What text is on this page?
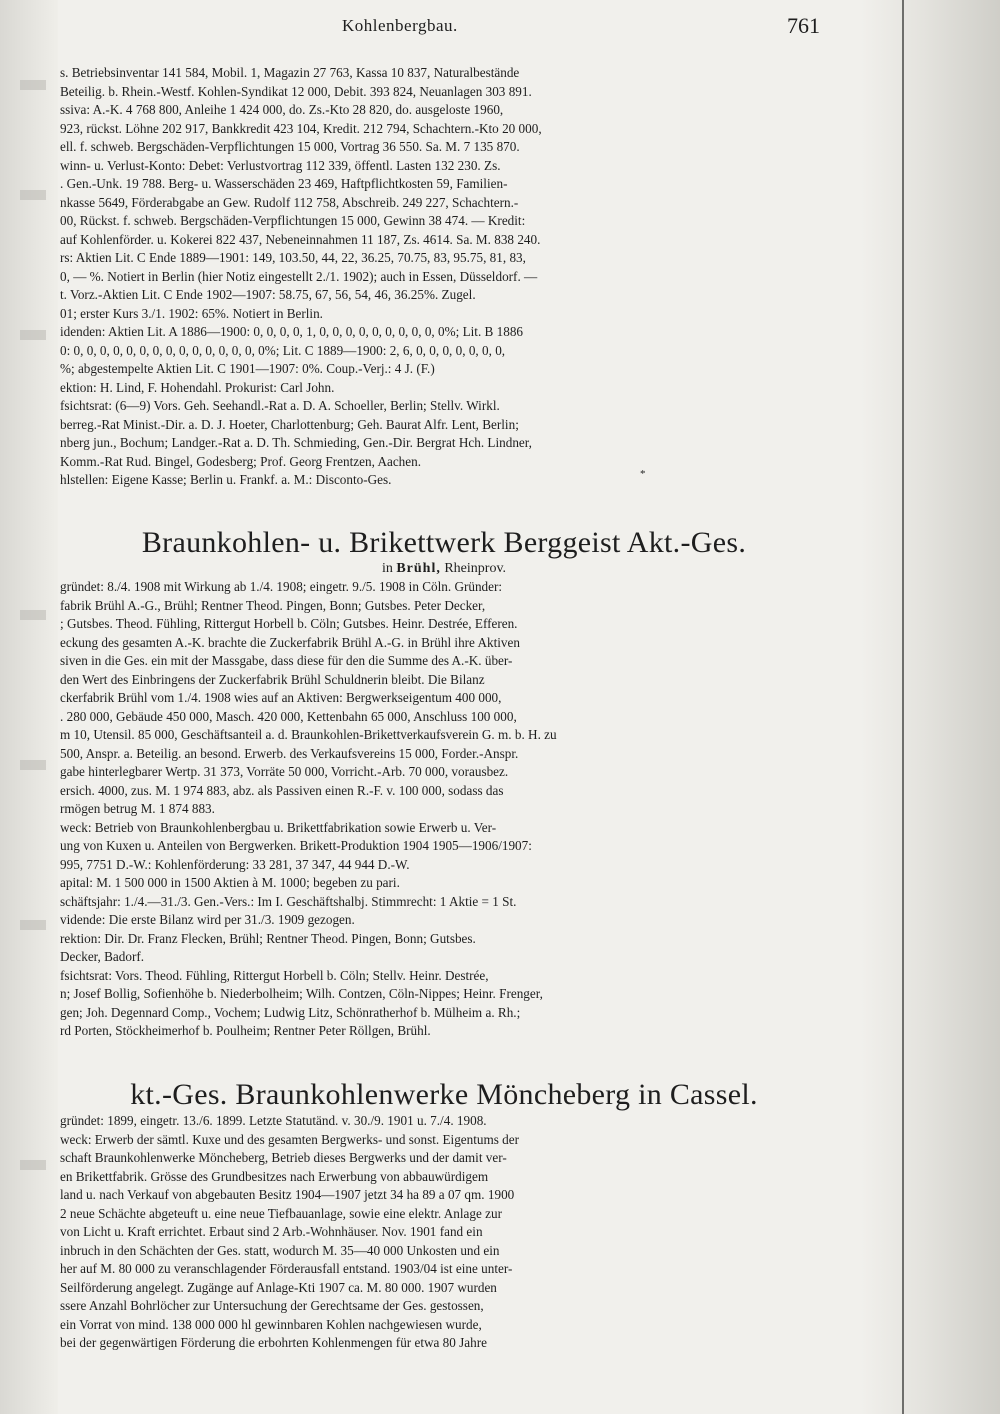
Kohlenbergbau.	761
s. Betriebsinventar 141 584, Mobil. 1, Magazin 27 763, Kassa 10 837, Naturalbestände
Beteilig. b. Rhein.-Westf. Kohlen-Syndikat 12 000, Debit. 393 824, Neuanlagen 303 891.
ssiva: A.-K. 4 768 800, Anleihe 1 424 000, do. Zs.-Kto 28 820, do. ausgeloste 1960,
923, rückst. Löhne 202 917, Bankkredit 423 104, Kredit. 212 794, Schachtern.-Kto 20 000,
ell. f. schweb. Bergschäden-Verpflichtungen 15 000, Vortrag 36 550. Sa. M. 7 135 870.
winn- u. Verlust-Konto: Debet: Verlustvortrag 112 339, öffentl. Lasten 132 230. Zs.
. Gen.-Unk. 19 788. Berg- u. Wasserschäden 23 469, Haftpflichtkosten 59, Familien-
nkasse 5649, Förderabgabe an Gew. Rudolf 112 758, Abschreib. 249 227, Schachtern.-
00, Rückst. f. schweb. Bergschäden-Verpflichtungen 15 000, Gewinn 38 474. — Kredit:
auf Kohlenförder. u. Kokerei 822 437, Nebeneinnahmen 11 187, Zs. 4614. Sa. M. 838 240.
rs: Aktien Lit. C Ende 1889—1901: 149, 103.50, 44, 22, 36.25, 70.75, 83, 95.75, 81, 83,
0, — %. Notiert in Berlin (hier Notiz eingestellt 2./1. 1902); auch in Essen, Düsseldorf. —
t. Vorz.-Aktien Lit. C Ende 1902—1907: 58.75, 67, 56, 54, 46, 36.25%. Zugel.
01; erster Kurs 3./1. 1902: 65%. Notiert in Berlin.
idenden: Aktien Lit. A 1886—1900: 0, 0, 0, 0, 1, 0, 0, 0, 0, 0, 0, 0, 0, 0, 0%; Lit. B 1886
0: 0, 0, 0, 0, 0, 0, 0, 0, 0, 0, 0, 0, 0, 0, 0%; Lit. C 1889—1900: 2, 6, 0, 0, 0, 0, 0, 0, 0,
%; abgestempelte Aktien Lit. C 1901—1907: 0%. Coup.-Verj.: 4 J. (F.)
ektion: H. Lind, F. Hohendahl. Prokurist: Carl John.
fsichtsrat: (6—9) Vors. Geh. Seehandl.-Rat a. D. A. Schoeller, Berlin; Stellv. Wirkl.
berreg.-Rat Minist.-Dir. a. D. J. Hoeter, Charlottenburg; Geh. Baurat Alfr. Lent, Berlin;
nberg jun., Bochum; Landger.-Rat a. D. Th. Schmieding, Gen.-Dir. Bergrat Hch. Lindner,
Komm.-Rat Rud. Bingel, Godesberg; Prof. Georg Frentzen, Aachen.
hlstellen: Eigene Kasse; Berlin u. Frankf. a. M.: Disconto-Ges.	*
Braunkohlen- u. Brikettwerk Berggeist Akt.-Ges.
in Brühl, Rheinprov.
gründet: 8./4. 1908 mit Wirkung ab 1./4. 1908; eingetr. 9./5. 1908 in Cöln. Gründer:
fabrik Brühl A.-G., Brühl; Rentner Theod. Pingen, Bonn; Gutsbes. Peter Decker,
; Gutsbes. Theod. Fühling, Rittergut Horbell b. Cöln; Gutsbes. Heinr. Destrée, Efferen.
eckung des gesamten A.-K. brachte die Zuckerfabrik Brühl A.-G. in Brühl ihre Aktiven
siven in die Ges. ein mit der Massgabe, dass diese für den die Summe des A.-K. über-
den Wert des Einbringens der Zuckerfabrik Brühl Schuldnerin bleibt. Die Bilanz
ckerfabrik Brühl vom 1./4. 1908 wies auf an Aktiven: Bergwerkseigentum 400 000,
. 280 000, Gebäude 450 000, Masch. 420 000, Kettenbahn 65 000, Anschluss 100 000,
m 10, Utensil. 85 000, Geschäftsanteil a. d. Braunkohlen-Brikettverkaufsverein G. m. b. H. zu
500, Anspr. a. Beteilig. an besond. Erwerb. des Verkaufsvereins 15 000, Forder.-Anspr.
gabe hinterlegbarer Wertp. 31 373, Vorräte 50 000, Vorricht.-Arb. 70 000, vorausbez.
ersich. 4000, zus. M. 1 974 883, abz. als Passiven einen R.-F. v. 100 000, sodass das
rmögen betrug M. 1 874 883.
weck: Betrieb von Braunkohlenbergbau u. Brikettfabrikation sowie Erwerb u. Ver-
ung von Kuxen u. Anteilen von Bergwerken. Brikett-Produktion 1904 1905—1906/1907:
995, 7751 D.-W.: Kohlenförderung: 33 281, 37 347, 44 944 D.-W.
apital: M. 1 500 000 in 1500 Aktien à M. 1000; begeben zu pari.
schäftsjahr: 1./4.—31./3. Gen.-Vers.: Im I. Geschäftshalbj. Stimmrecht: 1 Aktie = 1 St.
vidende: Die erste Bilanz wird per 31./3. 1909 gezogen.
rektion: Dir. Dr. Franz Flecken, Brühl; Rentner Theod. Pingen, Bonn; Gutsbes.
Decker, Badorf.
fsichtsrat: Vors. Theod. Fühling, Rittergut Horbell b. Cöln; Stellv. Heinr. Destrée,
n; Josef Bollig, Sofienhöhe b. Niederbolheim; Wilh. Contzen, Cöln-Nippes; Heinr. Frenger,
gen; Joh. Degennard Comp., Vochem; Ludwig Litz, Schönratherhof b. Mülheim a. Rh.;
rd Porten, Stöckheimerhof b. Poulheim; Rentner Peter Röllgen, Brühl.
kt.-Ges. Braunkohlenwerke Möncheberg in Cassel.
gründet: 1899, eingetr. 13./6. 1899. Letzte Statutänd. v. 30./9. 1901 u. 7./4. 1908.
weck: Erwerb der sämtl. Kuxe und des gesamten Bergwerks- und sonst. Eigentums der
schaft Braunkohlenwerke Möncheberg, Betrieb dieses Bergwerks und der damit ver-
en Brikettfabrik. Grösse des Grundbesitzes nach Erwerbung von abbauwürdigem
land u. nach Verkauf von abgebauten Besitz 1904—1907 jetzt 34 ha 89 a 07 qm. 1900
2 neue Schächte abgeteuft u. eine neue Tiefbauanlage, sowie eine elektr. Anlage zur
von Licht u. Kraft errichtet. Erbaut sind 2 Arb.-Wohnhäuser. Nov. 1901 fand ein
inbruch in den Schächten der Ges. statt, wodurch M. 35—40 000 Unkosten und ein
her auf M. 80 000 zu veranschlagender Förderausfall entstand. 1903/04 ist eine unter-
Seilförderung angelegt. Zugänge auf Anlage-Kti 1907 ca. M. 80 000. 1907 wurden
ssere Anzahl Bohrlöcher zur Untersuchung der Gerechtsame der Ges. gestossen,
ein Vorrat von mind. 138 000 000 hl gewinnbaren Kohlen nachgewiesen wurde,
bei der gegenwärtigen Förderung die erbohrten Kohlenmengen für etwa 80 Jahre
